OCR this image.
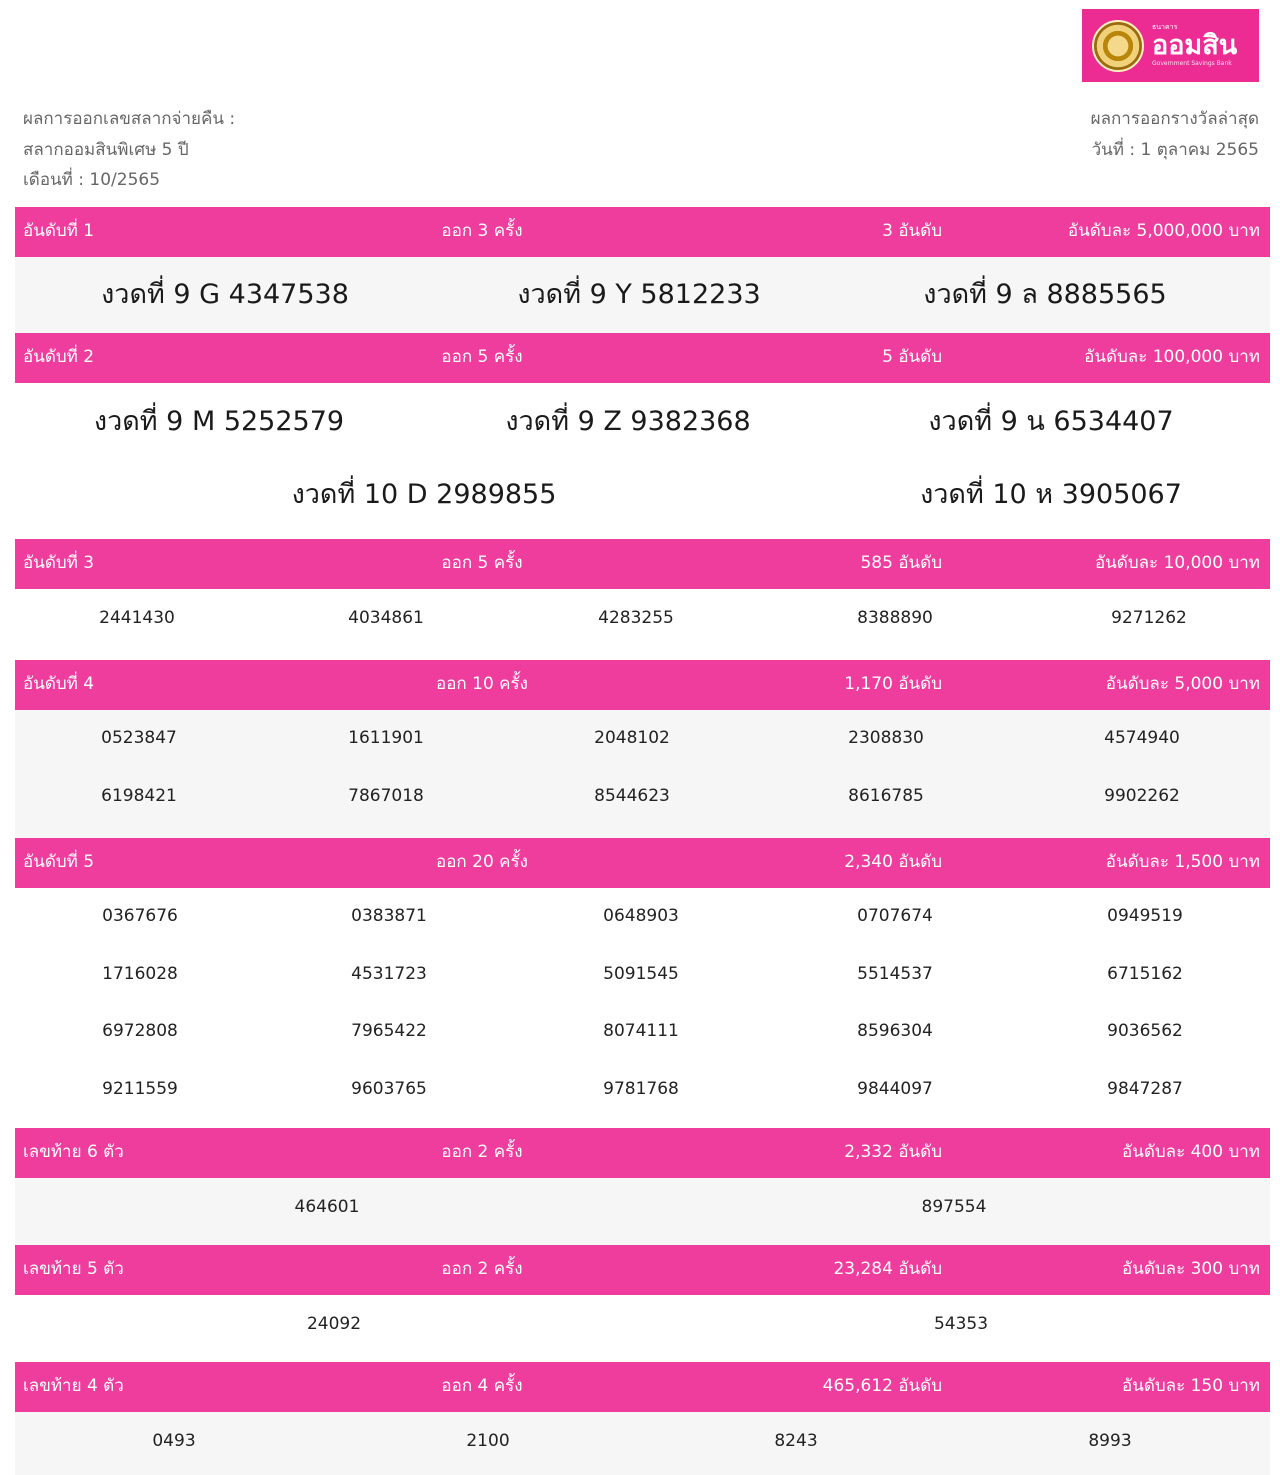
ธนาคาร
ออมสิน
Government Savings Bank
ผลการออกเลขสลากจ่ายคืน :
สลากออมสินพิเศษ 5 ปี
เดือนที่ : 10/2565
ผลการออกรางวัลล่าสุด
วันที่ : 1 ตุลาคม 2565
อันดับที่ 1	ออก 3 ครั้ง	3 อันดับ	อันดับละ 5,000,000 บาท
งวดที่ 9 G 4347538	งวดที่ 9 Y 5812233	งวดที่ 9 ล 8885565
อันดับที่ 2	ออก 5 ครั้ง	5 อันดับ	อันดับละ 100,000 บาท
งวดที่ 9 M 5252579	งวดที่ 9 Z 9382368	งวดที่ 9 น 6534407
งวดที่ 10 D 2989855	งวดที่ 10 ห 3905067
อันดับที่ 3	ออก 5 ครั้ง	585 อันดับ	อันดับละ 10,000 บาท
2441430	4034861	4283255	8388890	9271262
อันดับที่ 4	ออก 10 ครั้ง	1,170 อันดับ	อันดับละ 5,000 บาท
0523847	1611901	2048102	2308830	4574940
6198421	7867018	8544623	8616785	9902262
อันดับที่ 5	ออก 20 ครั้ง	2,340 อันดับ	อันดับละ 1,500 บาท
0367676	0383871	0648903	0707674	0949519
1716028	4531723	5091545	5514537	6715162
6972808	7965422	8074111	8596304	9036562
9211559	9603765	9781768	9844097	9847287
เลขท้าย 6 ตัว	ออก 2 ครั้ง	2,332 อันดับ	อันดับละ 400 บาท
464601	897554
เลขท้าย 5 ตัว	ออก 2 ครั้ง	23,284 อันดับ	อันดับละ 300 บาท
24092	54353
เลขท้าย 4 ตัว	ออก 4 ครั้ง	465,612 อันดับ	อันดับละ 150 บาท
0493	2100	8243	8993
